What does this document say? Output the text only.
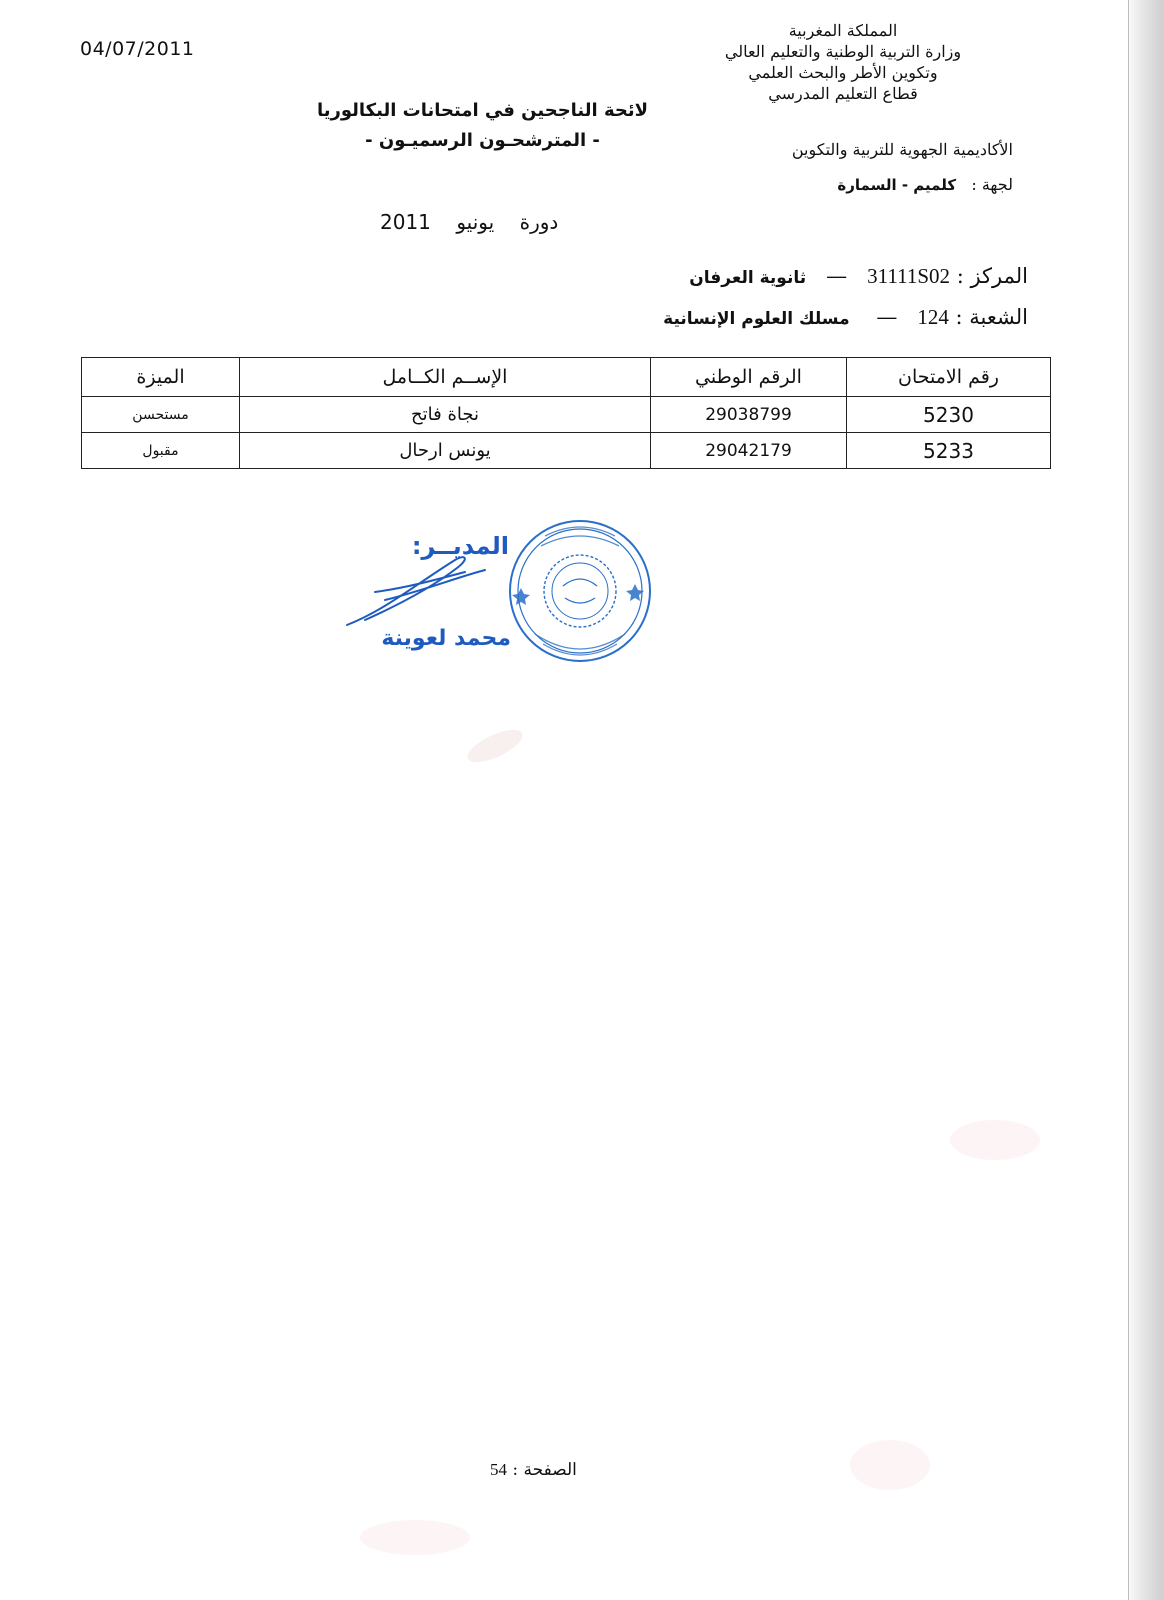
04/07/2011
المملكة المغربية
وزارة التربية الوطنية والتعليم العالي
وتكوين الأطر والبحث العلمي
قطاع التعليم المدرسي
الأكاديمية الجهوية للتربية والتكوين
لجهة :   كلميم - السمارة
لائحة الناجحين في امتحانات البكالوريا
- المترشحـون الرسميـون -
دورة    يونيو    2011
المركز : 31111S02   —   ثانوية العرفان
الشعبة : 124   —    مسلك العلوم الإنسانية
رقم الامتحان	الرقم الوطني	الإســم الكــامل	الميزة
5230	29038799	نجاة فاتح	مستحسن
5233	29042179	يونس ارحال	مقبول
المديــر:
محمد لعوينة
الصفحة : 54
